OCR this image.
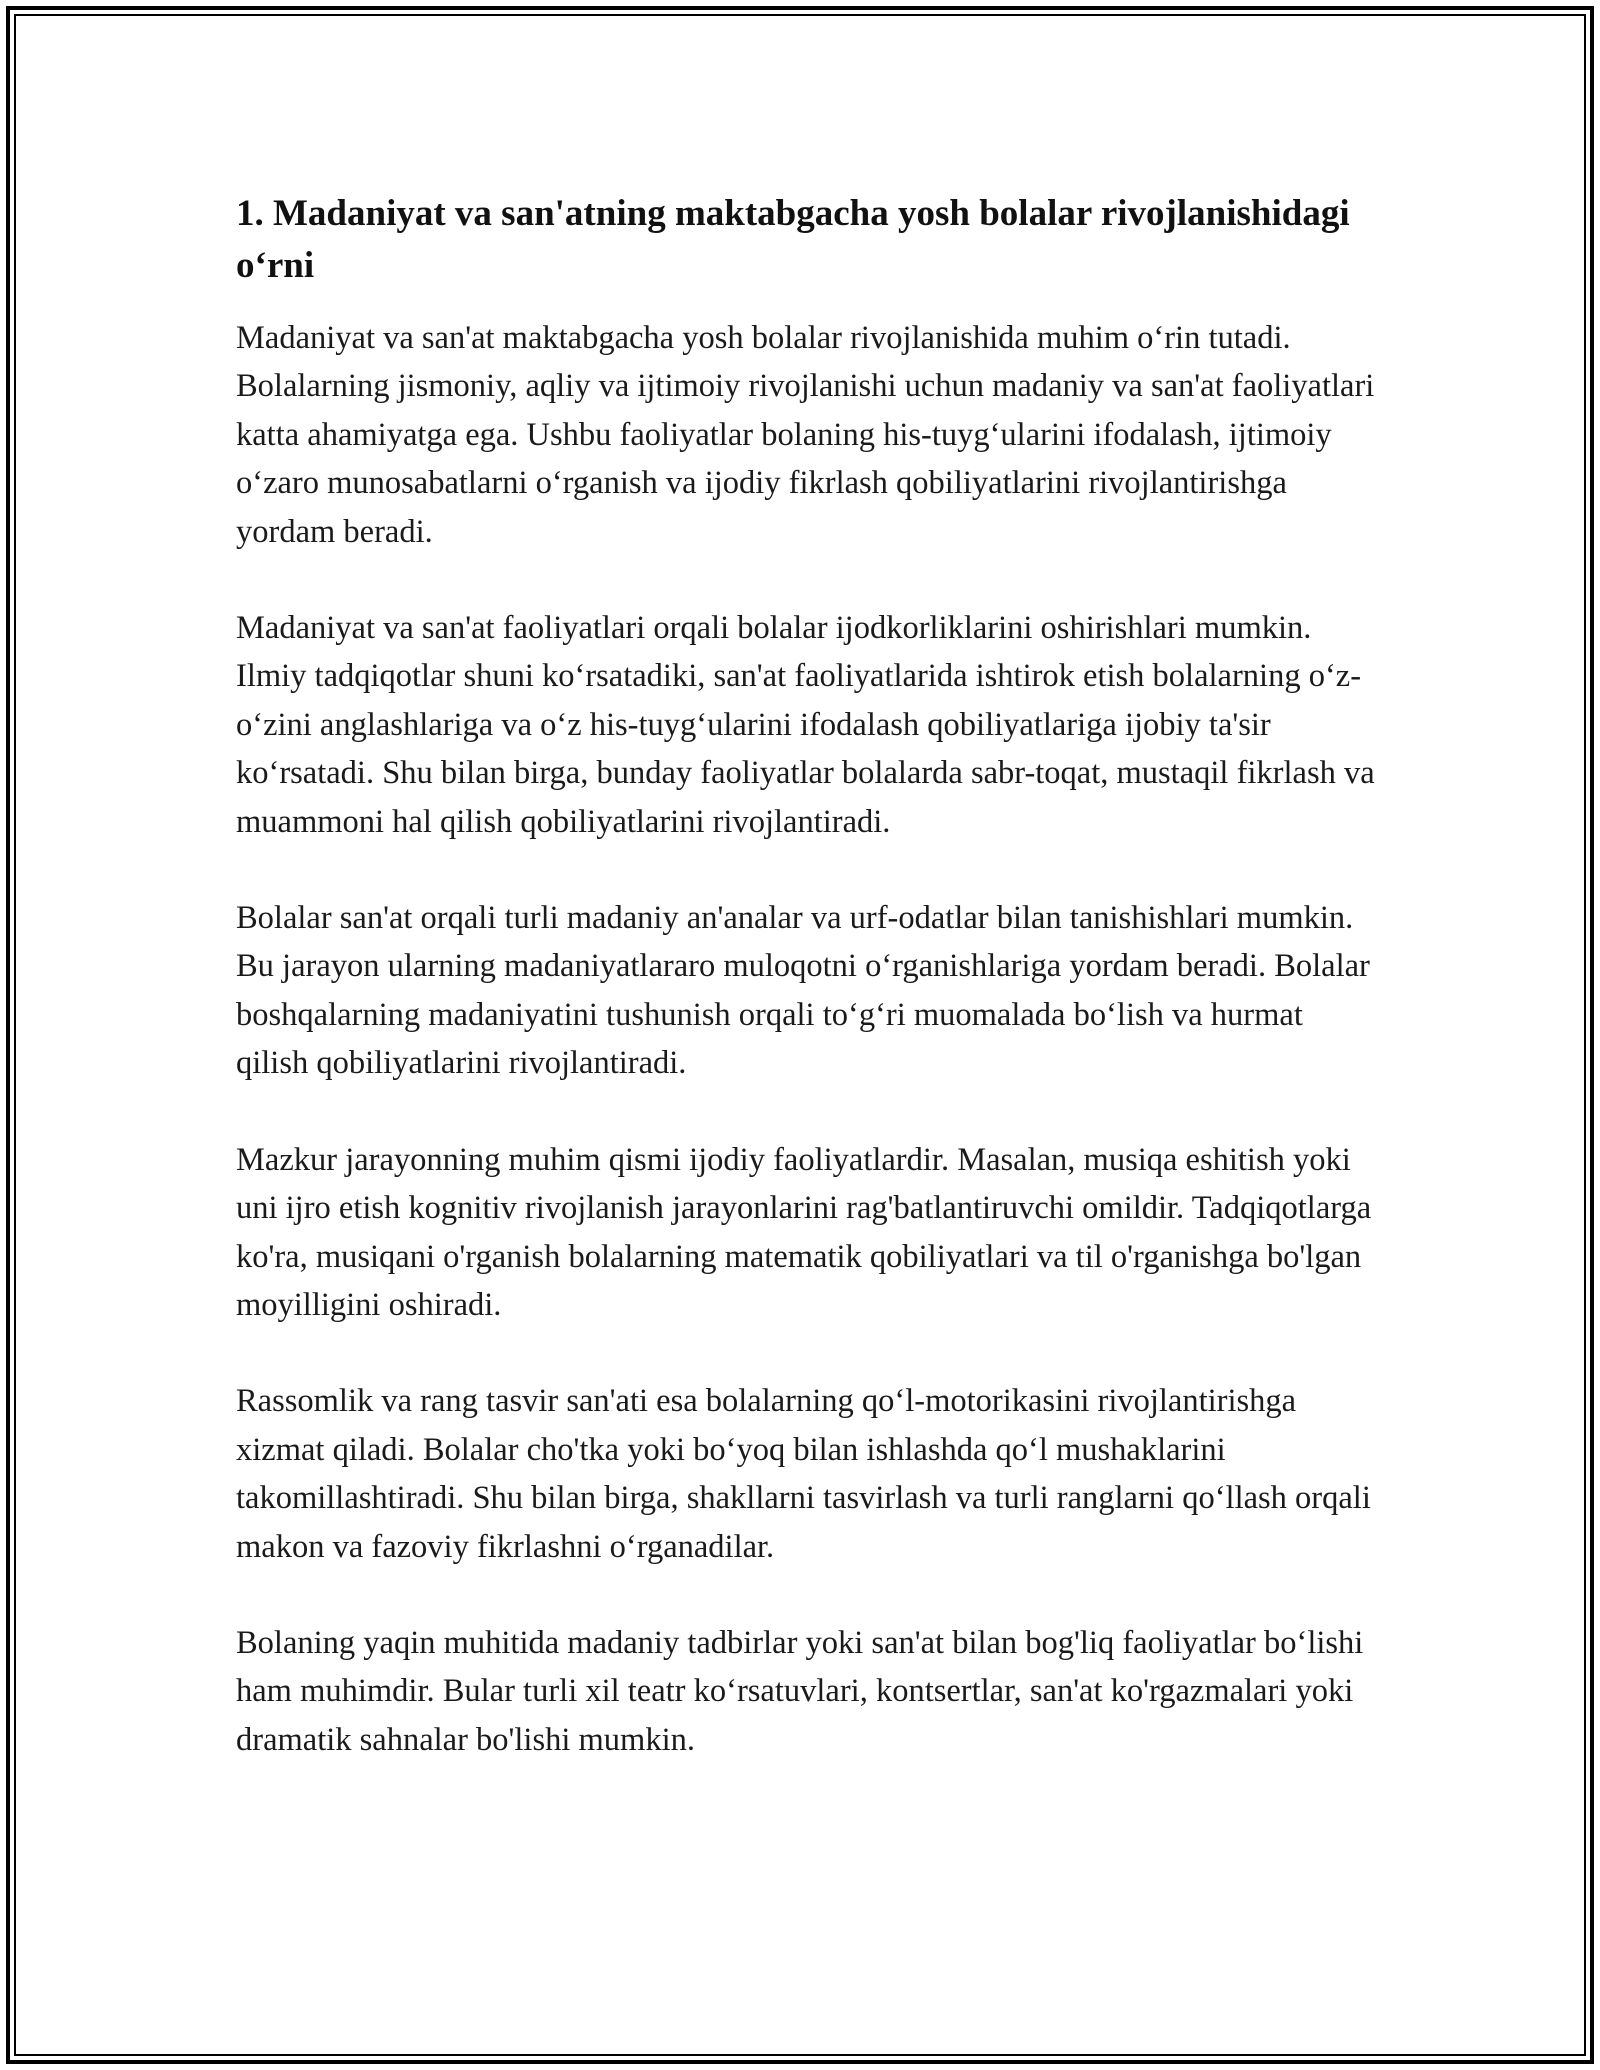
1. Madaniyat va san'atning maktabgacha yosh bolalar rivojlanishidagi o‘rni

Madaniyat va san'at maktabgacha yosh bolalar rivojlanishida muhim o‘rin tutadi. Bolalarning jismoniy, aqliy va ijtimoiy rivojlanishi uchun madaniy va san'at faoliyatlari katta ahamiyatga ega. Ushbu faoliyatlar bolaning his-tuyg‘ularini ifodalash, ijtimoiy o‘zaro munosabatlarni o‘rganish va ijodiy fikrlash qobiliyatlarini rivojlantirishga yordam beradi.

Madaniyat va san'at faoliyatlari orqali bolalar ijodkorliklarini oshirishlari mumkin. Ilmiy tadqiqotlar shuni ko‘rsatadiki, san'at faoliyatlarida ishtirok etish bolalarning o‘z-o‘zini anglashlariga va o‘z his-tuyg‘ularini ifodalash qobiliyatlariga ijobiy ta'sir ko‘rsatadi. Shu bilan birga, bunday faoliyatlar bolalarda sabr-toqat, mustaqil fikrlash va muammoni hal qilish qobiliyatlarini rivojlantiradi.

Bolalar san'at orqali turli madaniy an'analar va urf-odatlar bilan tanishishlari mumkin. Bu jarayon ularning madaniyatlararo muloqotni o‘rganishlariga yordam beradi. Bolalar boshqalarning madaniyatini tushunish orqali to‘g‘ri muomalada bo‘lish va hurmat qilish qobiliyatlarini rivojlantiradi.

Mazkur jarayonning muhim qismi ijodiy faoliyatlardir. Masalan, musiqa eshitish yoki uni ijro etish kognitiv rivojlanish jarayonlarini rag'batlantiruvchi omildir. Tadqiqotlarga ko'ra, musiqani o'rganish bolalarning matematik qobiliyatlari va til o'rganishga bo'lgan moyilligini oshiradi.

Rassomlik va rang tasvir san'ati esa bolalarning qo‘l-motorikasini rivojlantirishga xizmat qiladi. Bolalar cho'tka yoki bo‘yoq bilan ishlashda qo‘l mushaklarini takomillashtiradi. Shu bilan birga, shakllarni tasvirlash va turli ranglarni qo‘llash orqali makon va fazoviy fikrlashni o‘rganadilar.

Bolaning yaqin muhitida madaniy tadbirlar yoki san'at bilan bog'liq faoliyatlar bo‘lishi ham muhimdir. Bular turli xil teatr ko‘rsatuvlari, kontsertlar, san'at ko'rgazmalari yoki dramatik sahnalar bo'lishi mumkin.
